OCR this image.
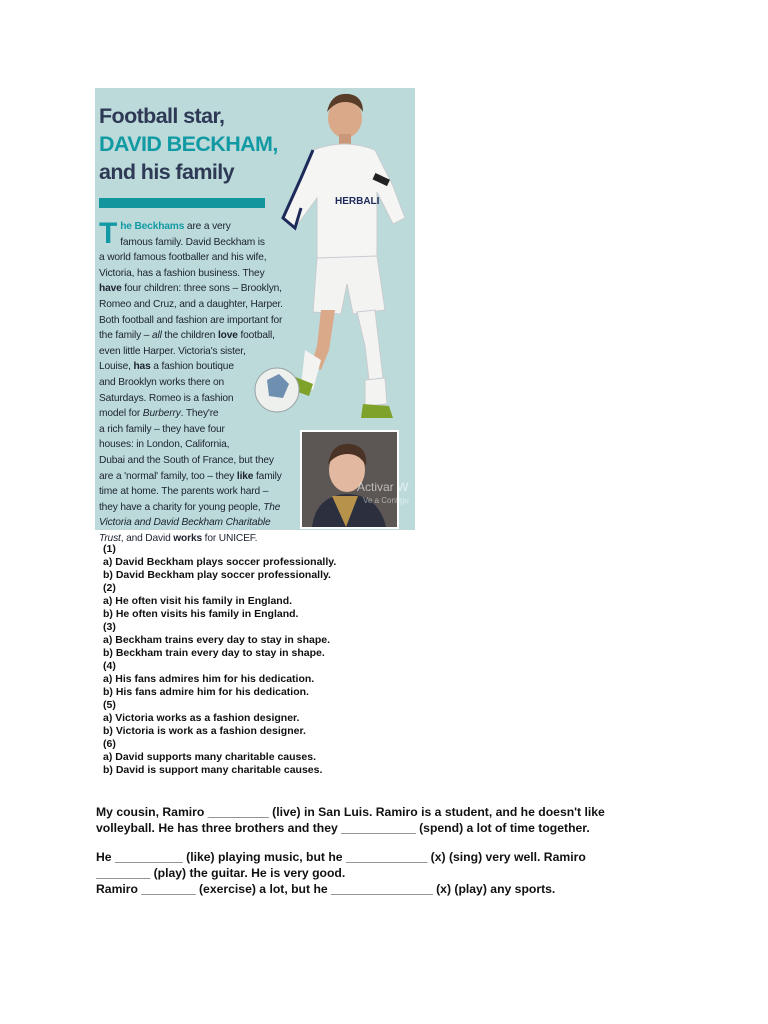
Football star,
DAVID BECKHAM,
and his family
T he Beckhams are a very
famous family. David Beckham is
a world famous footballer and his wife,
Victoria, has a fashion business. They
have four children: three sons – Brooklyn,
Romeo and Cruz, and a daughter, Harper.
Both football and fashion are important for
the family – all the children love football,
even little Harper. Victoria's sister,
Louise, has a fashion boutique
and Brooklyn works there on
Saturdays. Romeo is a fashion
model for Burberry. They're
a rich family – they have four
houses: in London, California,
Dubai and the South of France, but they
are a 'normal' family, too – they like family
time at home. The parents work hard –
they have a charity for young people, The
Victoria and David Beckham Charitable
Trust, and David works for UNICEF.
HERBALI
Activar W
Ve a Configu
(1)
a) David Beckham plays soccer professionally.
b) David Beckham play soccer professionally.
(2)
a) He often visit his family in England.
b) He often visits his family in England.
(3)
a) Beckham trains every day to stay in shape.
b) Beckham train every day to stay in shape.
(4)
a) His fans admires him for his dedication.
b) His fans admire him for his dedication.
(5)
a) Victoria works as a fashion designer.
b) Victoria is work as a fashion designer.
(6)
a) David supports many charitable causes.
b) David is support many charitable causes.
My cousin, Ramiro _________ (live) in San Luis. Ramiro is a student, and he doesn't like
volleyball. He has three brothers and they ___________ (spend) a lot of time together.
He __________ (like) playing music, but he ____________ (x) (sing) very well. Ramiro
________ (play) the guitar. He is very good.
Ramiro ________ (exercise) a lot, but he _______________ (x) (play) any sports.
